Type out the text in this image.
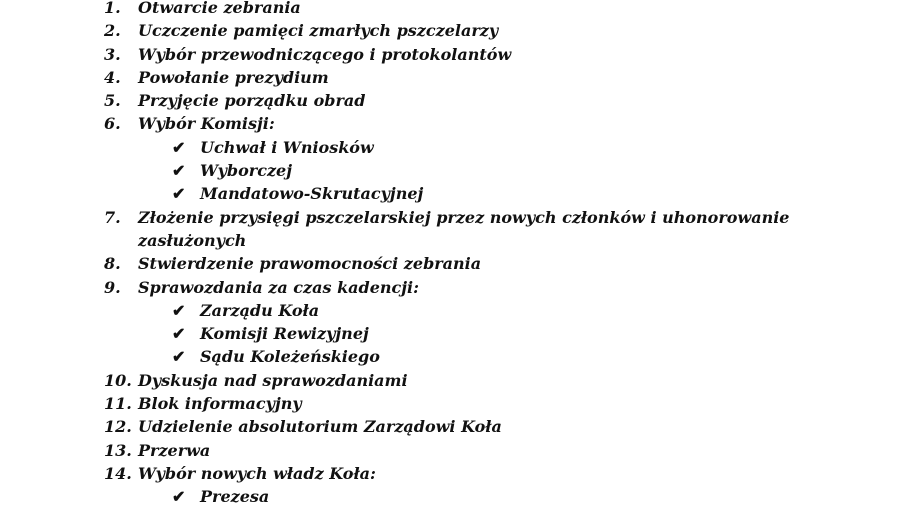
1.	Otwarcie zebrania
2.	Uczczenie pamięci zmarłych pszczelarzy
3.	Wybór przewodniczącego i protokolantów
4.	Powołanie prezydium
5.	Przyjęcie porządku obrad
6.	Wybór Komisji:
✔ Uchwał i Wniosków
✔ Wyborczej
✔ Mandatowo-Skrutacyjnej
7.	Złożenie przysięgi pszczelarskiej przez nowych członków i uhonorowanie
zasłużonych
8.	Stwierdzenie prawomocności zebrania
9.	Sprawozdania za czas kadencji:
✔ Zarządu Koła
✔ Komisji Rewizyjnej
✔ Sądu Koleżeńskiego
10. Dyskusja nad sprawozdaniami
11. Blok informacyjny
12. Udzielenie absolutorium Zarządowi Koła
13. Przerwa
14. Wybór nowych władz Koła:
✔ Prezesa
